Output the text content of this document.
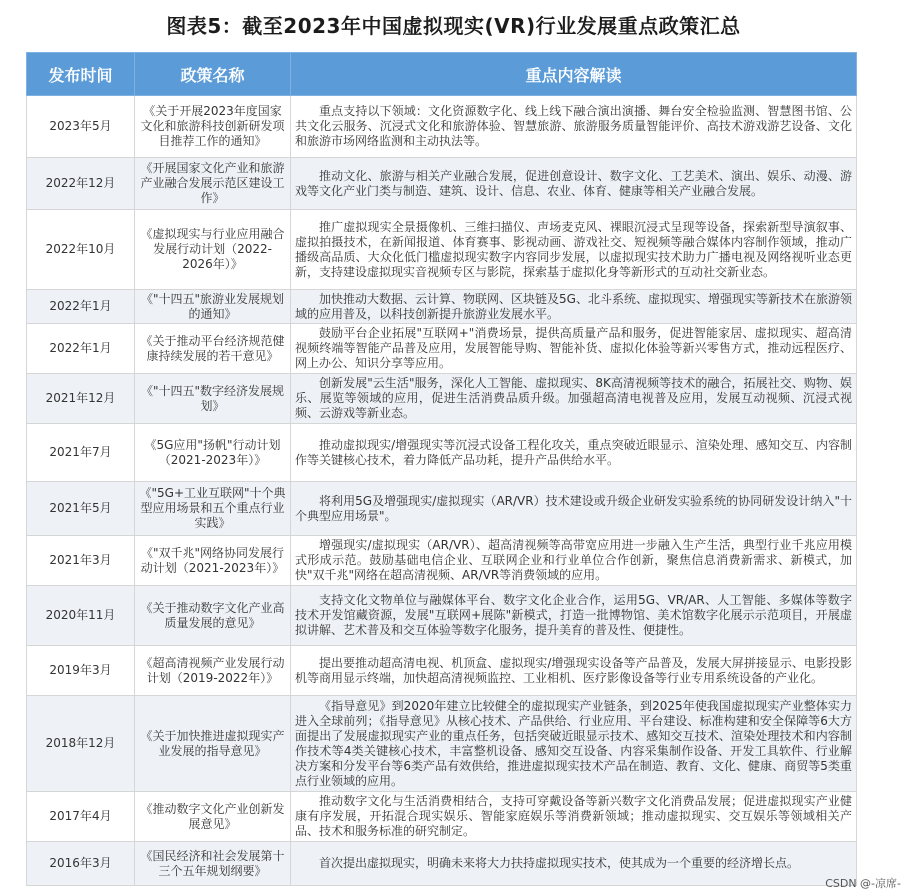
图表5：截至2023年中国虚拟现实(VR)行业发展重点政策汇总
发布时间	政策名称	重点内容解读
2023年5月	《关于开展2023年度国家文化和旅游科技创新研发项目推荐工作的通知》	重点支持以下领域：文化资源数字化、线上线下融合演出演播、舞台安全检验监测、智慧图书馆、公共文化云服务、沉浸式文化和旅游体验、智慧旅游、旅游服务质量智能评价、高技术游戏游艺设备、文化和旅游市场网络监测和主动执法等。
2022年12月	《开展国家文化产业和旅游产业融合发展示范区建设工作》	推动文化、旅游与相关产业融合发展，促进创意设计、数字文化、工艺美术、演出、娱乐、动漫、游戏等文化产业门类与制造、建筑、设计、信息、农业、体育、健康等相关产业融合发展。
2022年10月	《虚拟现实与行业应用融合发展行动计划（2022-2026年）》	推广虚拟现实全景摄像机、三维扫描仪、声场麦克风、裸眼沉浸式呈现等设备，探索新型导演叙事、虚拟拍摄技术，在新闻报道、体育赛事、影视动画、游戏社交、短视频等融合媒体内容制作领域，推动广播级高品质、大众化低门槛虚拟现实数字内容同步发展，以虚拟现实技术助力广播电视及网络视听业态更新，支持建设虚拟现实音视频专区与影院，探索基于虚拟化身等新形式的互动社交新业态。
2022年1月	《"十四五"旅游业发展规划的通知》	加快推动大数据、云计算、物联网、区块链及5G、北斗系统、虚拟现实、增强现实等新技术在旅游领域的应用普及，以科技创新提升旅游业发展水平。
2022年1月	《关于推动平台经济规范健康持续发展的若干意见》	鼓励平台企业拓展"互联网+"消费场景，提供高质量产品和服务，促进智能家居、虚拟现实、超高清视频终端等智能产品普及应用，发展智能导购、智能补货、虚拟化体验等新兴零售方式，推动远程医疗、网上办公、知识分享等应用。
2021年12月	《"十四五"数字经济发展规划》	创新发展"云生活"服务，深化人工智能、虚拟现实、8K高清视频等技术的融合，拓展社交、购物、娱乐、展览等领域的应用，促进生活消费品质升级。加强超高清电视普及应用，发展互动视频、沉浸式视频、云游戏等新业态。
2021年7月	《5G应用"扬帆"行动计划（2021-2023年）》	推动虚拟现实/增强现实等沉浸式设备工程化攻关，重点突破近眼显示、渲染处理、感知交互、内容制作等关键核心技术，着力降低产品功耗，提升产品供给水平。
2021年5月	《"5G+工业互联网"十个典型应用场景和五个重点行业实践》	将利用5G及增强现实/虚拟现实（AR/VR）技术建设或升级企业研发实验系统的协同研发设计纳入"十个典型应用场景"。
2021年3月	《"双千兆"网络协同发展行动计划（2021-2023年）》	增强现实/虚拟现实（AR/VR）、超高清视频等高带宽应用进一步融入生产生活，典型行业千兆应用模式形成示范。鼓励基础电信企业、互联网企业和行业单位合作创新，聚焦信息消费新需求、新模式，加快"双千兆"网络在超高清视频、AR/VR等消费领域的应用。
2020年11月	《关于推动数字文化产业高质量发展的意见》	支持文化文物单位与融媒体平台、数字文化企业合作，运用5G、VR/AR、人工智能、多媒体等数字技术开发馆藏资源，发展"互联网+展陈"新模式，打造一批博物馆、美术馆数字化展示示范项目，开展虚拟讲解、艺术普及和交互体验等数字化服务，提升美育的普及性、便捷性。
2019年3月	《超高清视频产业发展行动计划（2019-2022年）》	提出要推动超高清电视、机顶盒、虚拟现实/增强现实设备等产品普及，发展大屏拼接显示、电影投影机等商用显示终端，加快超高清视频监控、工业相机、医疗影像设备等行业专用系统设备的产业化。
2018年12月	《关于加快推进虚拟现实产业发展的指导意见》	《指导意见》到2020年建立比较健全的虚拟现实产业链条，到2025年使我国虚拟现实产业整体实力进入全球前列；《指导意见》从核心技术、产品供给、行业应用、平台建设、标准构建和安全保障等6大方面提出了发展虚拟现实产业的重点任务，包括突破近眼显示技术、感知交互技术、渲染处理技术和内容制作技术等4类关键核心技术，丰富整机设备、感知交互设备、内容采集制作设备、开发工具软件、行业解决方案和分发平台等6类产品有效供给，推进虚拟现实技术产品在制造、教育、文化、健康、商贸等5类重点行业领域的应用。
2017年4月	《推动数字文化产业创新发展意见》	推动数字文化与生活消费相结合，支持可穿戴设备等新兴数字文化消费品发展；促进虚拟现实产业健康有序发展，开拓混合现实娱乐、智能家庭娱乐等消费新领域；推动虚拟现实、交互娱乐等领域相关产品、技术和服务标准的研究制定。
2016年3月	《国民经济和社会发展第十三个五年规划纲要》	首次提出虚拟现实，明确未来将大力扶持虚拟现实技术，使其成为一个重要的经济增长点。
CSDN @-凉席-
